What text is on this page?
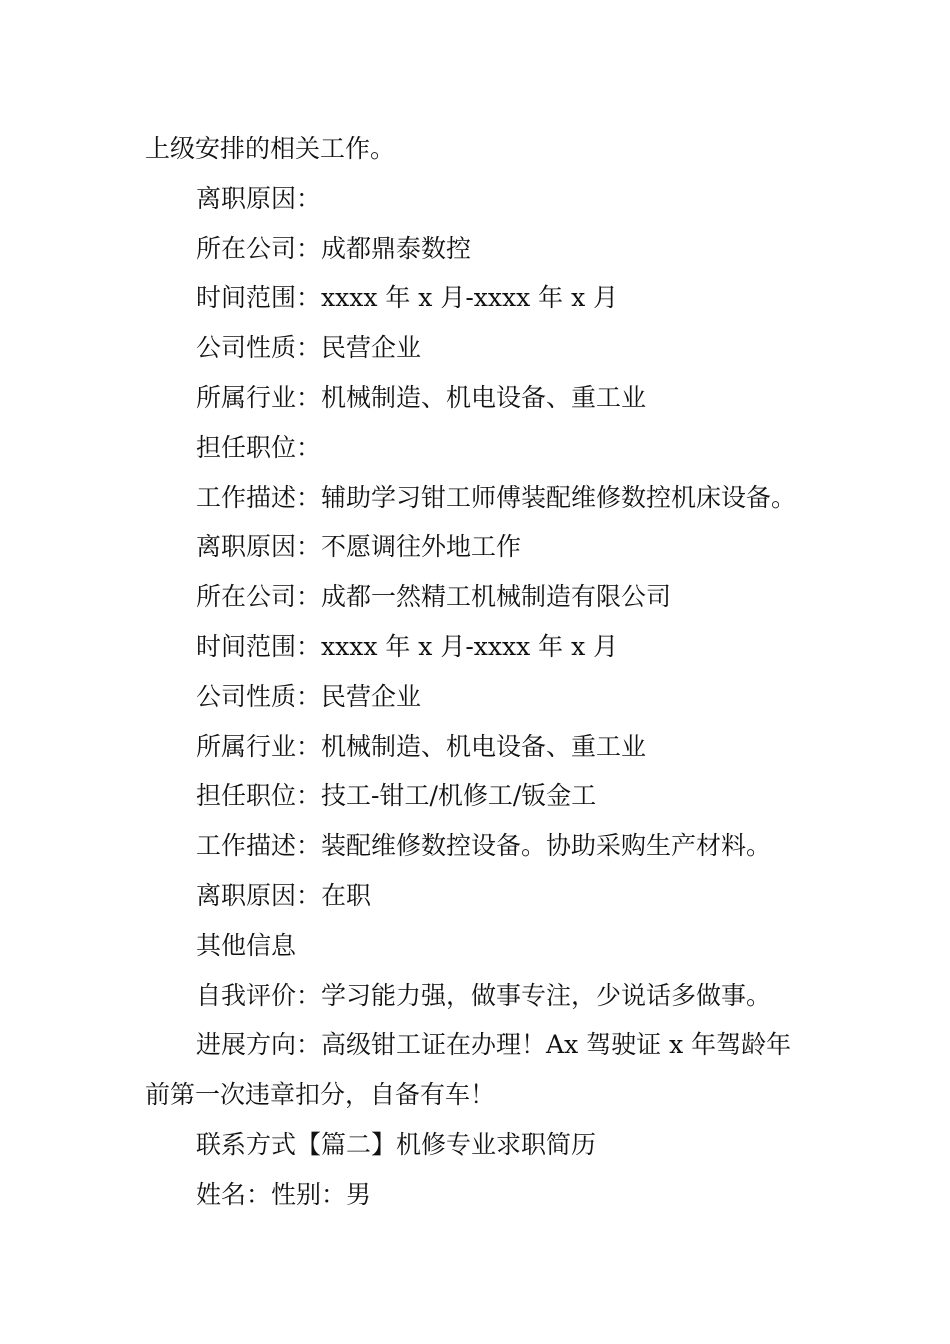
上级安排的相关工作。
离职原因：
所在公司：成都鼎泰数控
时间范围：xxxx 年 x 月-xxxx 年 x 月
公司性质：民营企业
所属行业：机械制造、机电设备、重工业
担任职位：
工作描述：辅助学习钳工师傅装配维修数控机床设备。
离职原因：不愿调往外地工作
所在公司：成都一然精工机械制造有限公司
时间范围：xxxx 年 x 月-xxxx 年 x 月
公司性质：民营企业
所属行业：机械制造、机电设备、重工业
担任职位：技工-钳工/机修工/钣金工
工作描述：装配维修数控设备。协助采购生产材料。
离职原因：在职
其他信息
自我评价：学习能力强，做事专注，少说话多做事。
进展方向：高级钳工证在办理！Ax 驾驶证 x 年驾龄年
前第一次违章扣分，自备有车！
联系方式【篇二】机修专业求职简历
姓名：性别：男
